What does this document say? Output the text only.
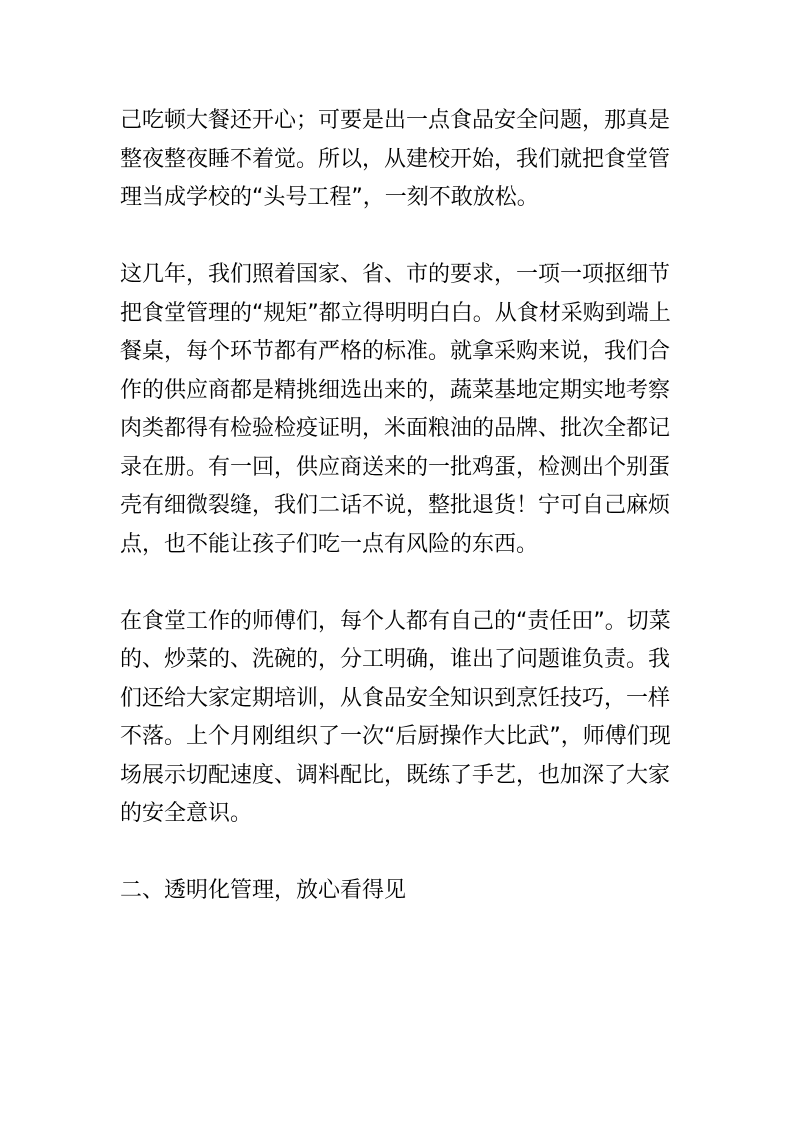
己吃顿大餐还开心；可要是出一点食品安全问题，那真是
整夜整夜睡不着觉。所以，从建校开始，我们就把食堂管
理当成学校的“头号工程”，一刻不敢放松。
这几年，我们照着国家、省、市的要求，一项一项抠细节
把食堂管理的“规矩”都立得明明白白。从食材采购到端上
餐桌，每个环节都有严格的标准。就拿采购来说，我们合
作的供应商都是精挑细选出来的，蔬菜基地定期实地考察
肉类都得有检验检疫证明，米面粮油的品牌、批次全都记
录在册。有一回，供应商送来的一批鸡蛋，检测出个别蛋
壳有细微裂缝，我们二话不说，整批退货！宁可自己麻烦
点，也不能让孩子们吃一点有风险的东西。
在食堂工作的师傅们，每个人都有自己的“责任田”。切菜
的、炒菜的、洗碗的，分工明确，谁出了问题谁负责。我
们还给大家定期培训，从食品安全知识到烹饪技巧，一样
不落。上个月刚组织了一次“后厨操作大比武”，师傅们现
场展示切配速度、调料配比，既练了手艺，也加深了大家
的安全意识。
二、透明化管理，放心看得见
